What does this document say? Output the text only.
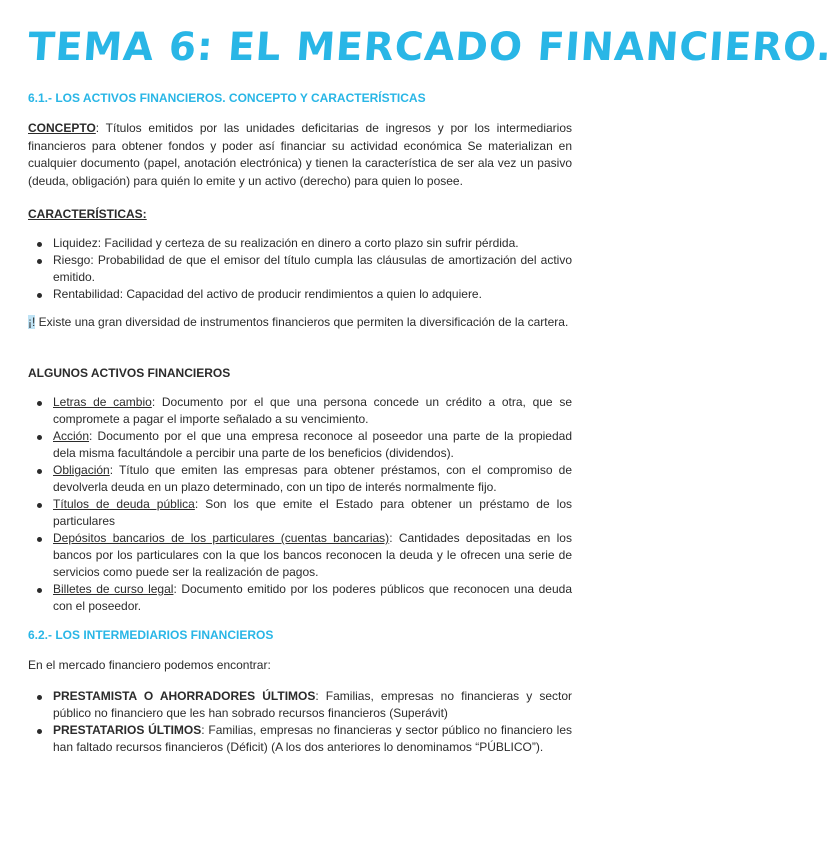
TEMA 6: EL MERCADO FINANCIERO.
6.1.- LOS ACTIVOS FINANCIEROS. CONCEPTO Y CARACTERÍSTICAS
CONCEPTO: Títulos emitidos por las unidades deficitarias de ingresos y por los intermediarios financieros para obtener fondos y poder así financiar su actividad económica Se materializan en cualquier documento (papel, anotación electrónica) y tienen la característica de ser ala vez un pasivo (deuda, obligación) para quién lo emite y un activo (derecho) para quien lo posee.
CARACTERÍSTICAS:
Liquidez: Facilidad y certeza de su realización en dinero a corto plazo sin sufrir pérdida.
Riesgo: Probabilidad de que el emisor del título cumpla las cláusulas de amortización del activo emitido.
Rentabilidad: Capacidad del activo de producir rendimientos a quien lo adquiere.
¡! Existe una gran diversidad de instrumentos financieros que permiten la diversificación de la cartera.
ALGUNOS ACTIVOS FINANCIEROS
Letras de cambio: Documento por el que una persona concede un crédito a otra, que se compromete a pagar el importe señalado a su vencimiento.
Acción: Documento por el que una empresa reconoce al poseedor una parte de la propiedad dela misma facultándole a percibir una parte de los beneficios (dividendos).
Obligación: Título que emiten las empresas para obtener préstamos, con el compromiso de devolverla deuda en un plazo determinado, con un tipo de interés normalmente fijo.
Títulos de deuda pública: Son los que emite el Estado para obtener un préstamo de los particulares
Depósitos bancarios de los particulares (cuentas bancarias): Cantidades depositadas en los bancos por los particulares con la que los bancos reconocen la deuda y le ofrecen una serie de servicios como puede ser la realización de pagos.
Billetes de curso legal: Documento emitido por los poderes públicos que reconocen una deuda con el poseedor.
6.2.- LOS INTERMEDIARIOS FINANCIEROS
En el mercado financiero podemos encontrar:
PRESTAMISTA O AHORRADORES ÚLTIMOS: Familias, empresas no financieras y sector público no financiero que les han sobrado recursos financieros (Superávit)
PRESTATARIOS ÚLTIMOS: Familias, empresas no financieras y sector público no financiero les han faltado recursos financieros (Déficit) (A los dos anteriores lo denominamos “PÚBLICO”).
